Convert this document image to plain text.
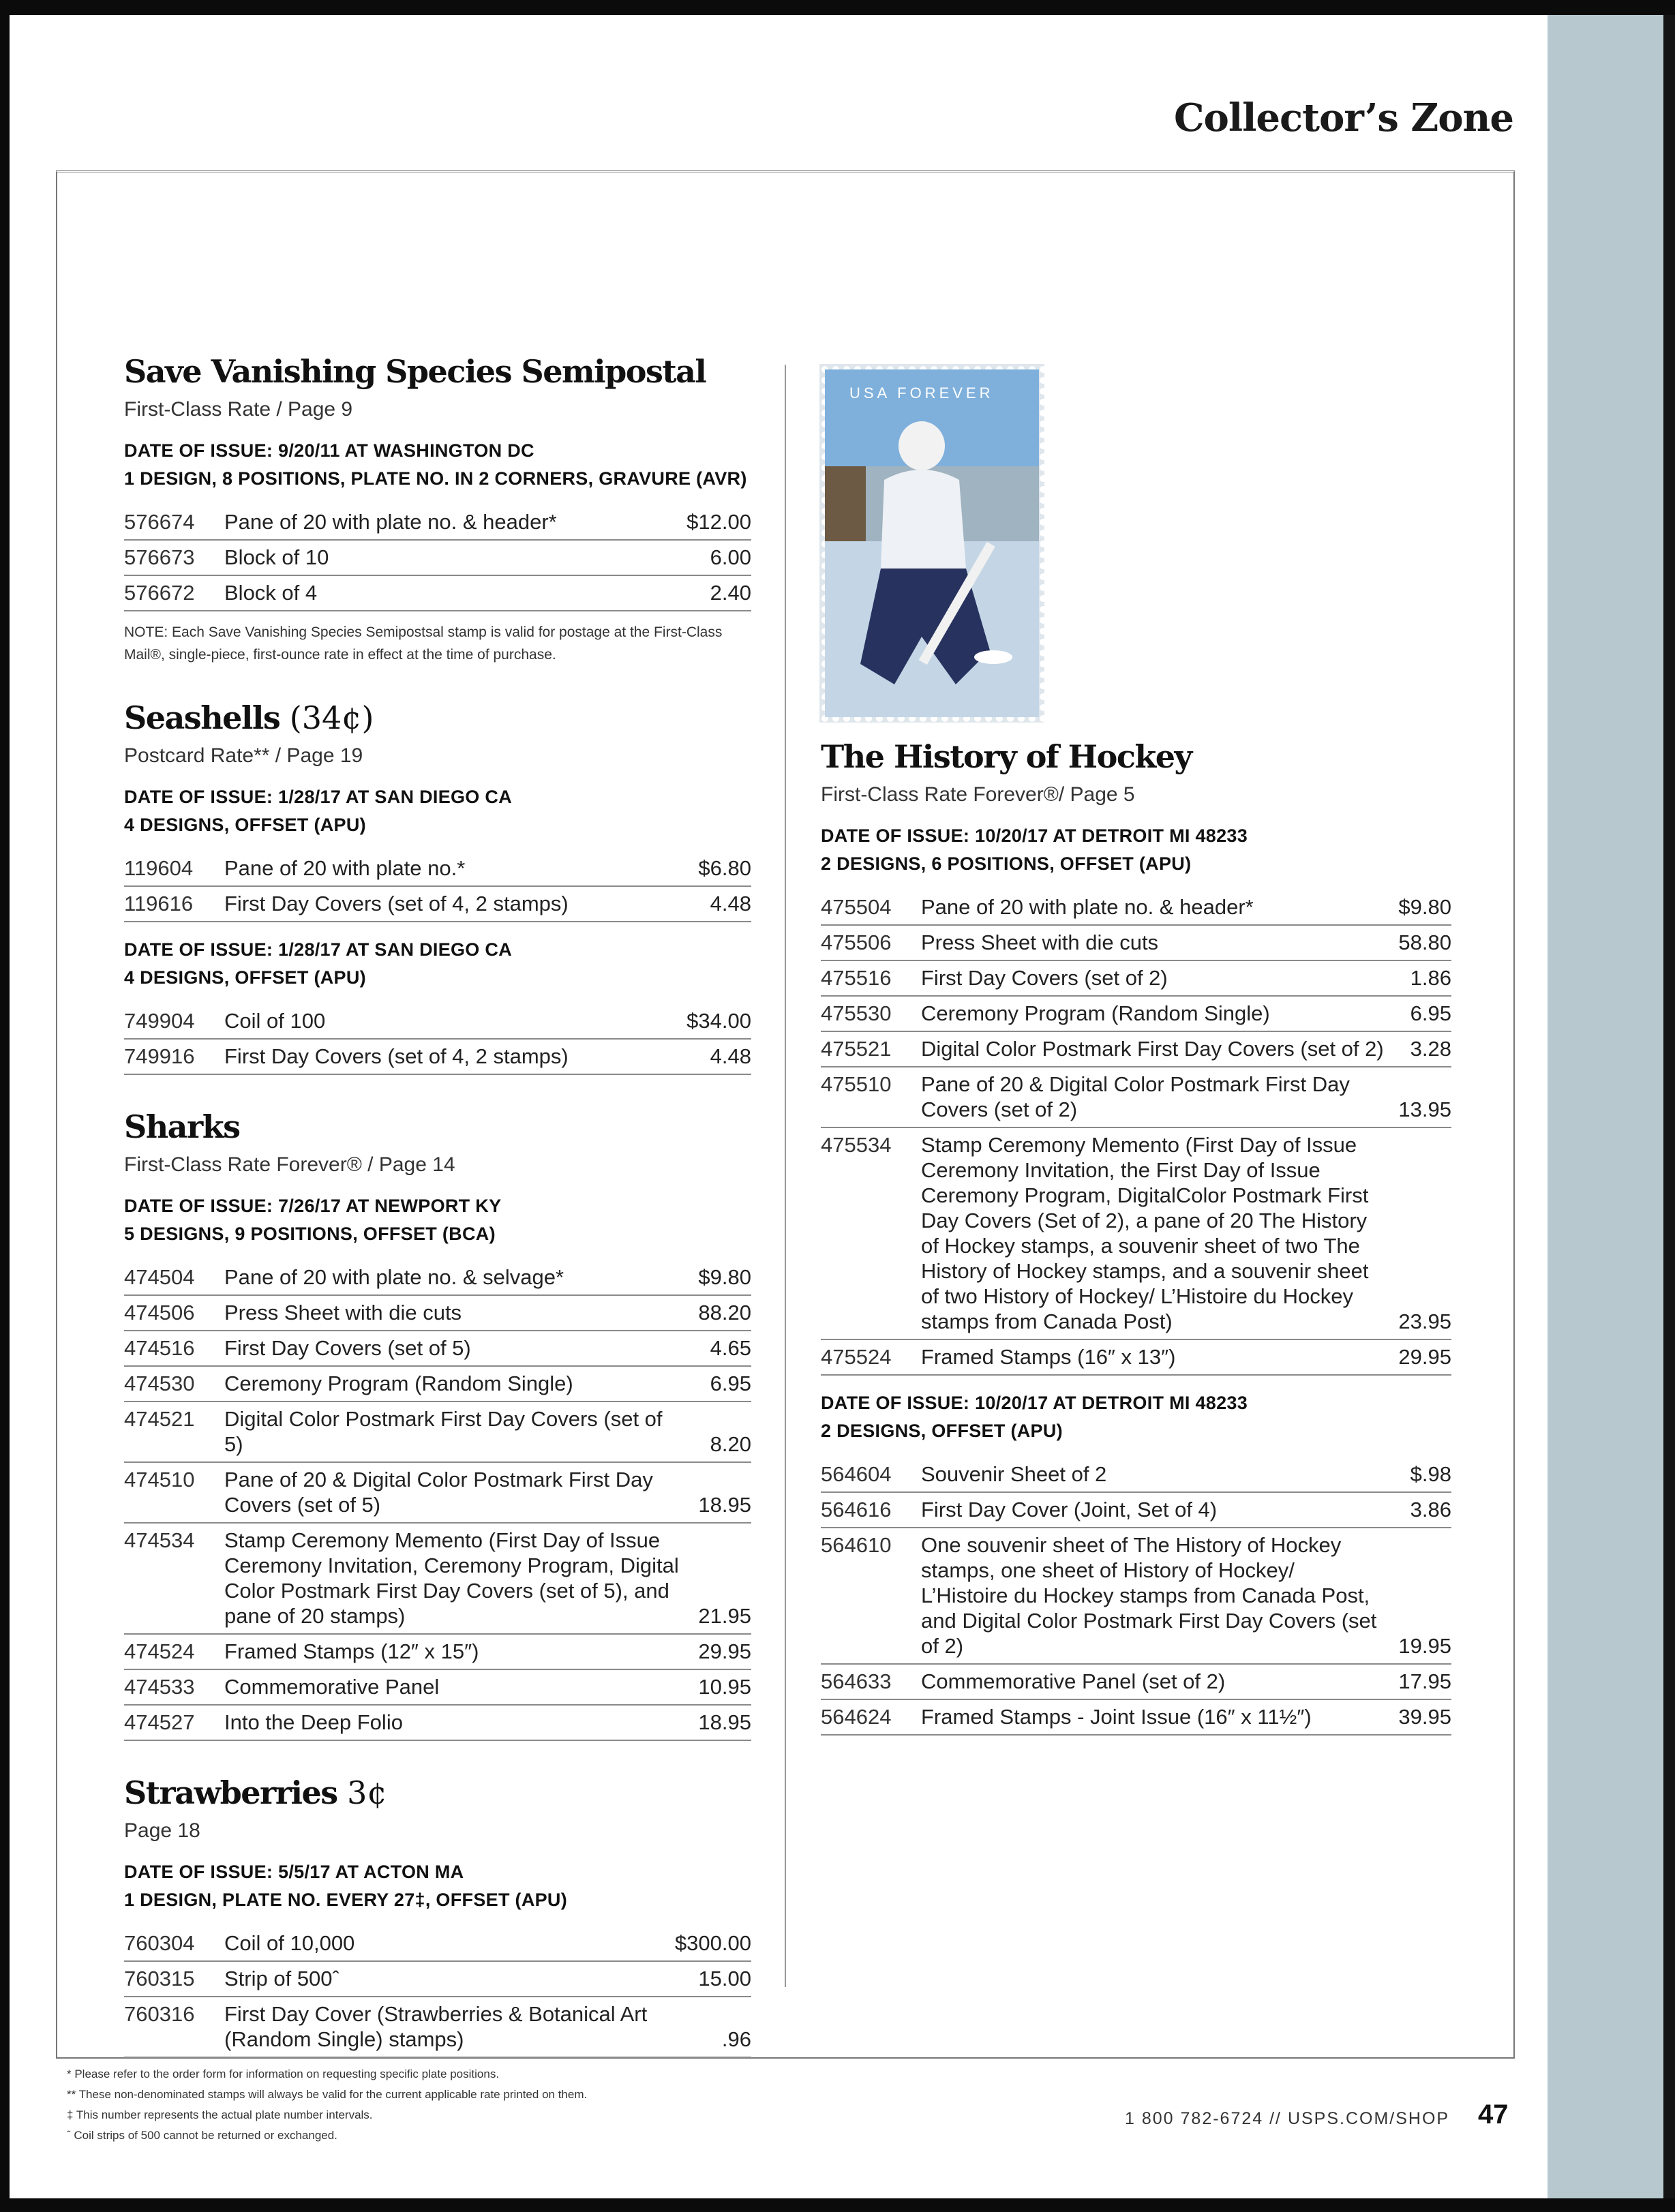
Collector’s Zone
Save Vanishing Species Semipostal
First-Class Rate / Page 9
DATE OF ISSUE: 9/20/11 AT WASHINGTON DC
1 DESIGN, 8 POSITIONS, PLATE NO. IN 2 CORNERS, GRAVURE (AVR)
576674	Pane of 20 with plate no. & header*	$12.00
576673	Block of 10	6.00
576672	Block of 4	2.40
NOTE: Each Save Vanishing Species Semipostsal stamp is valid for postage at the First-Class Mail®, single-piece, first-ounce rate in effect at the time of purchase.
Seashells (34¢)
Postcard Rate** / Page 19
DATE OF ISSUE: 1/28/17 AT SAN DIEGO CA
4 DESIGNS, OFFSET (APU)
119604	Pane of 20 with plate no.*	$6.80
119616	First Day Covers (set of 4, 2 stamps)	4.48
DATE OF ISSUE: 1/28/17 AT SAN DIEGO CA
4 DESIGNS, OFFSET (APU)
749904	Coil of 100	$34.00
749916	First Day Covers (set of 4, 2 stamps)	4.48
Sharks
First-Class Rate Forever® / Page 14
DATE OF ISSUE: 7/26/17 AT NEWPORT KY
5 DESIGNS, 9 POSITIONS, OFFSET (BCA)
474504	Pane of 20 with plate no. & selvage*	$9.80
474506	Press Sheet with die cuts	88.20
474516	First Day Covers (set of 5)	4.65
474530	Ceremony Program (Random Single)	6.95
474521	Digital Color Postmark First Day Covers (set of 5)	8.20
474510	Pane of 20 & Digital Color Postmark First Day Covers (set of 5)	18.95
474534	Stamp Ceremony Memento (First Day of Issue Ceremony Invitation, Ceremony Program, Digital Color Postmark First Day Covers (set of 5), and pane of 20 stamps)	21.95
474524	Framed Stamps (12″ x 15″)	29.95
474533	Commemorative Panel	10.95
474527	Into the Deep Folio	18.95
Strawberries 3¢
Page 18
DATE OF ISSUE: 5/5/17 AT ACTON MA
1 DESIGN, PLATE NO. EVERY 27‡, OFFSET (APU)
760304	Coil of 10,000	$300.00
760315	Strip of 500ˆ	15.00
760316	First Day Cover (Strawberries & Botanical Art (Random Single) stamps)	.96
USA FOREVER
The History of Hockey
First-Class Rate Forever®/ Page 5
DATE OF ISSUE: 10/20/17 AT DETROIT MI 48233
2 DESIGNS, 6 POSITIONS, OFFSET (APU)
475504	Pane of 20 with plate no. & header*	$9.80
475506	Press Sheet with die cuts	58.80
475516	First Day Covers (set of 2)	1.86
475530	Ceremony Program (Random Single)	6.95
475521	Digital Color Postmark First Day Covers (set of 2)	3.28
475510	Pane of 20 & Digital Color Postmark First Day Covers (set of 2)	13.95
475534	Stamp Ceremony Memento (First Day of Issue Ceremony Invitation, the First Day of Issue Ceremony Program, DigitalColor Postmark First Day Covers (Set of 2), a pane of 20 The History of Hockey stamps, a souvenir sheet of two The History of Hockey stamps, and a souvenir sheet of two History of Hockey/ L’Histoire du Hockey stamps from Canada Post)	23.95
475524	Framed Stamps (16″ x 13″)	29.95
DATE OF ISSUE: 10/20/17 AT DETROIT MI 48233
2 DESIGNS, OFFSET (APU)
564604	Souvenir Sheet of 2	$.98
564616	First Day Cover (Joint, Set of 4)	3.86
564610	One souvenir sheet of The History of Hockey stamps, one sheet of History of Hockey/ L’Histoire du Hockey stamps from Canada Post, and Digital Color Postmark First Day Covers (set of 2)	19.95
564633	Commemorative Panel (set of 2)	17.95
564624	Framed Stamps - Joint Issue (16″ x 11½″)	39.95
* Please refer to the order form for information on requesting specific plate positions.
** These non-denominated stamps will always be valid for the current applicable rate printed on them.
‡ This number represents the actual plate number intervals.
ˆ Coil strips of 500 cannot be returned or exchanged.
1 800 782-6724 // USPS.COM/SHOP 47
